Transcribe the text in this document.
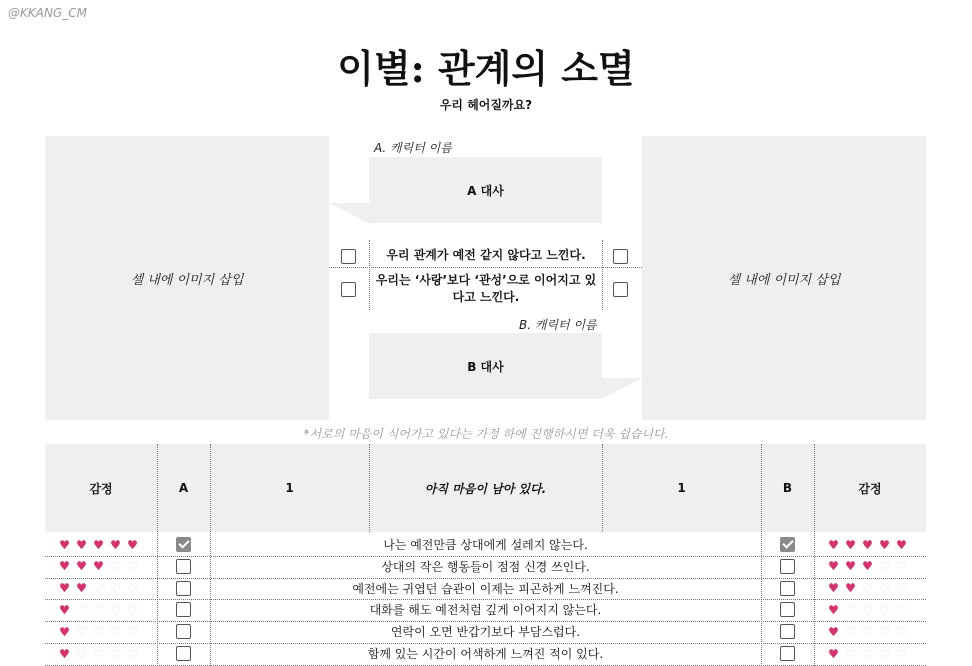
@KKANG_CM
이별: 관계의 소멸
우리 헤어질까요?
셀 내에 이미지 삽입	셀 내에 이미지 삽입
A. 캐릭터 이름
A 대사
B. 캐릭터 이름
B 대사
우리 관계가 예전 같지 않다고 느낀다.
우리는 ‘사랑’보다 ‘관성’으로 이어지고 있다고 느낀다.
*서로의 마음이 식어가고 있다는 가정 하에 진행하시면 더욱 쉽습니다.
감정	A	1	아직 마음이 남아 있다.	1	B	감정
♥ ♥ ♥ ♥ ♥	나는 예전만큼 상대에게 설레지 않는다.	♥ ♥ ♥ ♥ ♥
♥ ♥ ♥ ♡ ♡	상대의 작은 행동들이 점점 신경 쓰인다.	♥ ♥ ♥ ♡ ♡
♥ ♥ ♡ ♡ ♡	예전에는 귀엽던 습관이 이제는 피곤하게 느껴진다.	♥ ♥ ♡ ♡ ♡
♥ ♡ ♡ ♡ ♡	대화를 해도 예전처럼 깊게 이어지지 않는다.	♥ ♡ ♡ ♡ ♡
♥ ♡ ♡ ♡ ♡	연락이 오면 반갑기보다 부담스럽다.	♥ ♡ ♡ ♡ ♡
♥ ♡ ♡ ♡ ♡	함께 있는 시간이 어색하게 느껴진 적이 있다.	♥ ♡ ♡ ♡ ♡
